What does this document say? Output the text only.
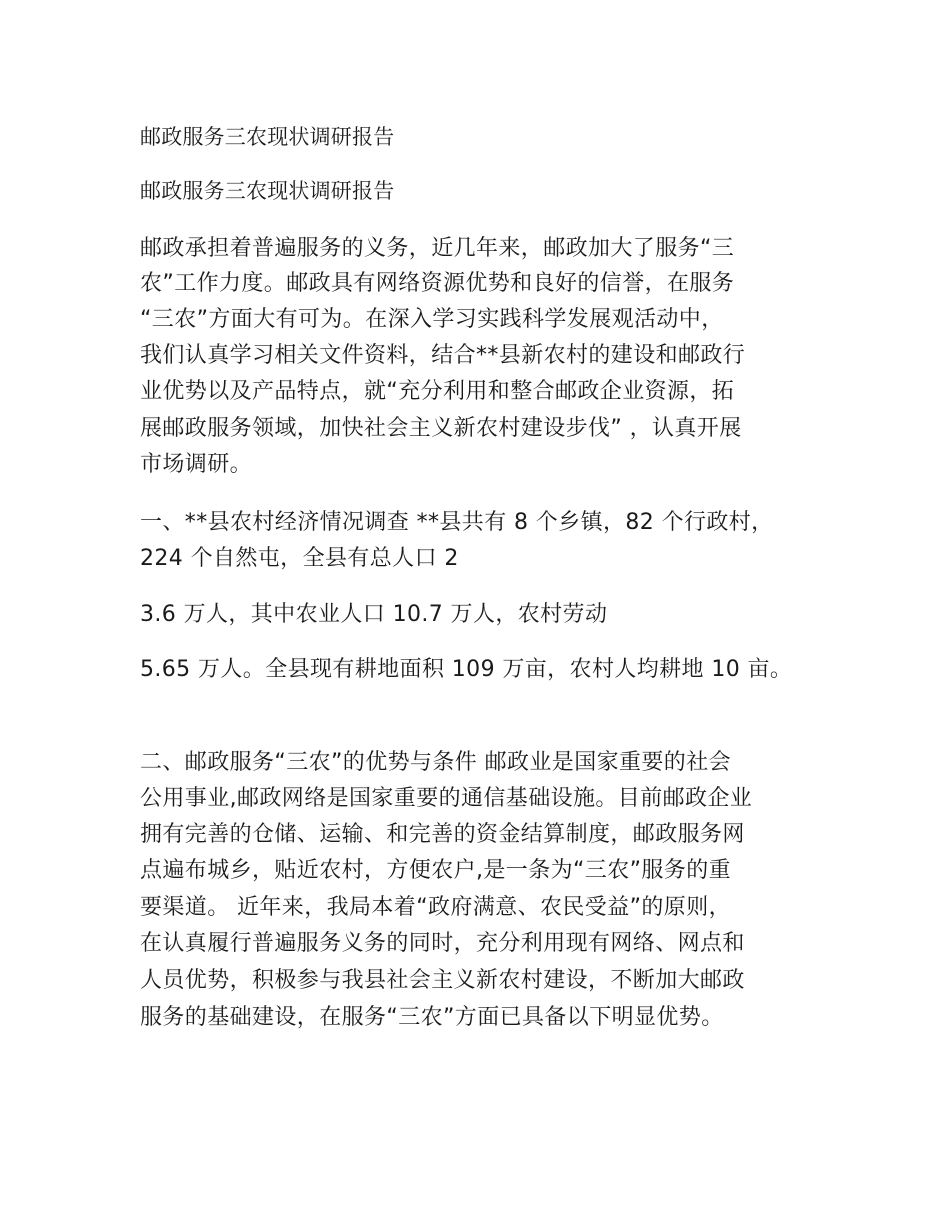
邮政服务三农现状调研报告
邮政服务三农现状调研报告
邮政承担着普遍服务的义务，近几年来，邮政加大了服务“三
农”工作力度。邮政具有网络资源优势和良好的信誉，在服务
“三农”方面大有可为。在深入学习实践科学发展观活动中，
我们认真学习相关文件资料，结合**县新农村的建设和邮政行
业优势以及产品特点，就“充分利用和整合邮政企业资源，拓
展邮政服务领域，加快社会主义新农村建设步伐” ，认真开展
市场调研。
一、**县农村经济情况调查 **县共有 8 个乡镇，82 个行政村，
224 个自然屯，全县有总人口 2
3.6 万人，其中农业人口 10.7 万人，农村劳动
5.65 万人。全县现有耕地面积 109 万亩，农村人均耕地 10 亩。
二、邮政服务“三农”的优势与条件 邮政业是国家重要的社会
公用事业,邮政网络是国家重要的通信基础设施。目前邮政企业
拥有完善的仓储、运输、和完善的资金结算制度，邮政服务网
点遍布城乡，贴近农村，方便农户,是一条为“三农”服务的重
要渠道。 近年来，我局本着“政府满意、农民受益”的原则，
在认真履行普遍服务义务的同时，充分利用现有网络、网点和
人员优势，积极参与我县社会主义新农村建设，不断加大邮政
服务的基础建设，在服务“三农”方面已具备以下明显优势。
